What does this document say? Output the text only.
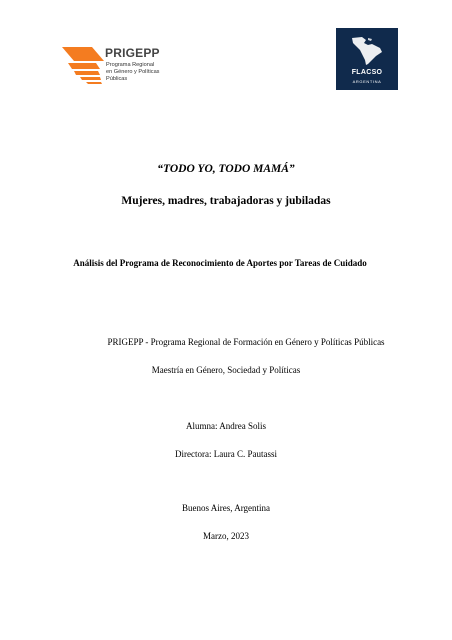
PRIGEPP
Programa Regional
en Género y Políticas
Públicas
FLACSO
ARGENTINA
“TODO YO, TODO MAMÁ”
Mujeres, madres, trabajadoras y jubiladas
Análisis del Programa de Reconocimiento de Aportes por Tareas de Cuidado
PRIGEPP - Programa Regional de Formación en Género y Políticas Públicas
Maestría en Género, Sociedad y Políticas
Alumna: Andrea Solis
Directora: Laura C. Pautassi
Buenos Aires, Argentina
Marzo, 2023
